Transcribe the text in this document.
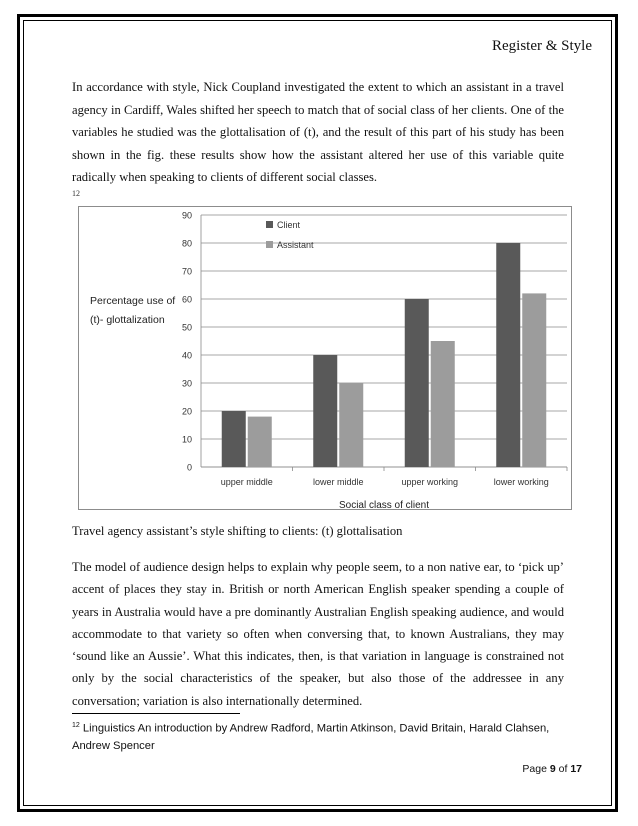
Register & Style
In accordance with style, Nick Coupland investigated the extent to which an assistant in a travel
agency in Cardiff, Wales shifted her speech to match that of social class of her clients. One of the
variables he studied was the glottalisation of (t), and the result of this part of his study has been
shown in the fig. these results show how the assistant altered her use of this variable quite
radically when speaking to clients of different social classes.
12
0
10
20
30
40
50
60
70
80
90
upper middle	lower middle	upper working	lower working
Social class of client
Percentage use of
(t)- glottalization
Client
Assistant
Travel agency assistant’s style shifting to clients: (t) glottalisation
The model of audience design helps to explain why people seem, to a non native ear, to ‘pick up’
accent of places they stay in. British or north American English speaker spending a couple of
years in Australia would have a pre dominantly Australian English speaking audience, and would
accommodate to that variety so often when conversing that, to known Australians, they may
‘sound like an Aussie’. What this indicates, then, is that variation in language is constrained not
only by the social characteristics of the speaker, but also those of the addressee in any
conversation; variation is also internationally determined.
$^{12}$ Linguistics An introduction by Andrew Radford, Martin Atkinson, David Britain, Harald Clahsen, Andrew Spencer
Page 9 of 17
